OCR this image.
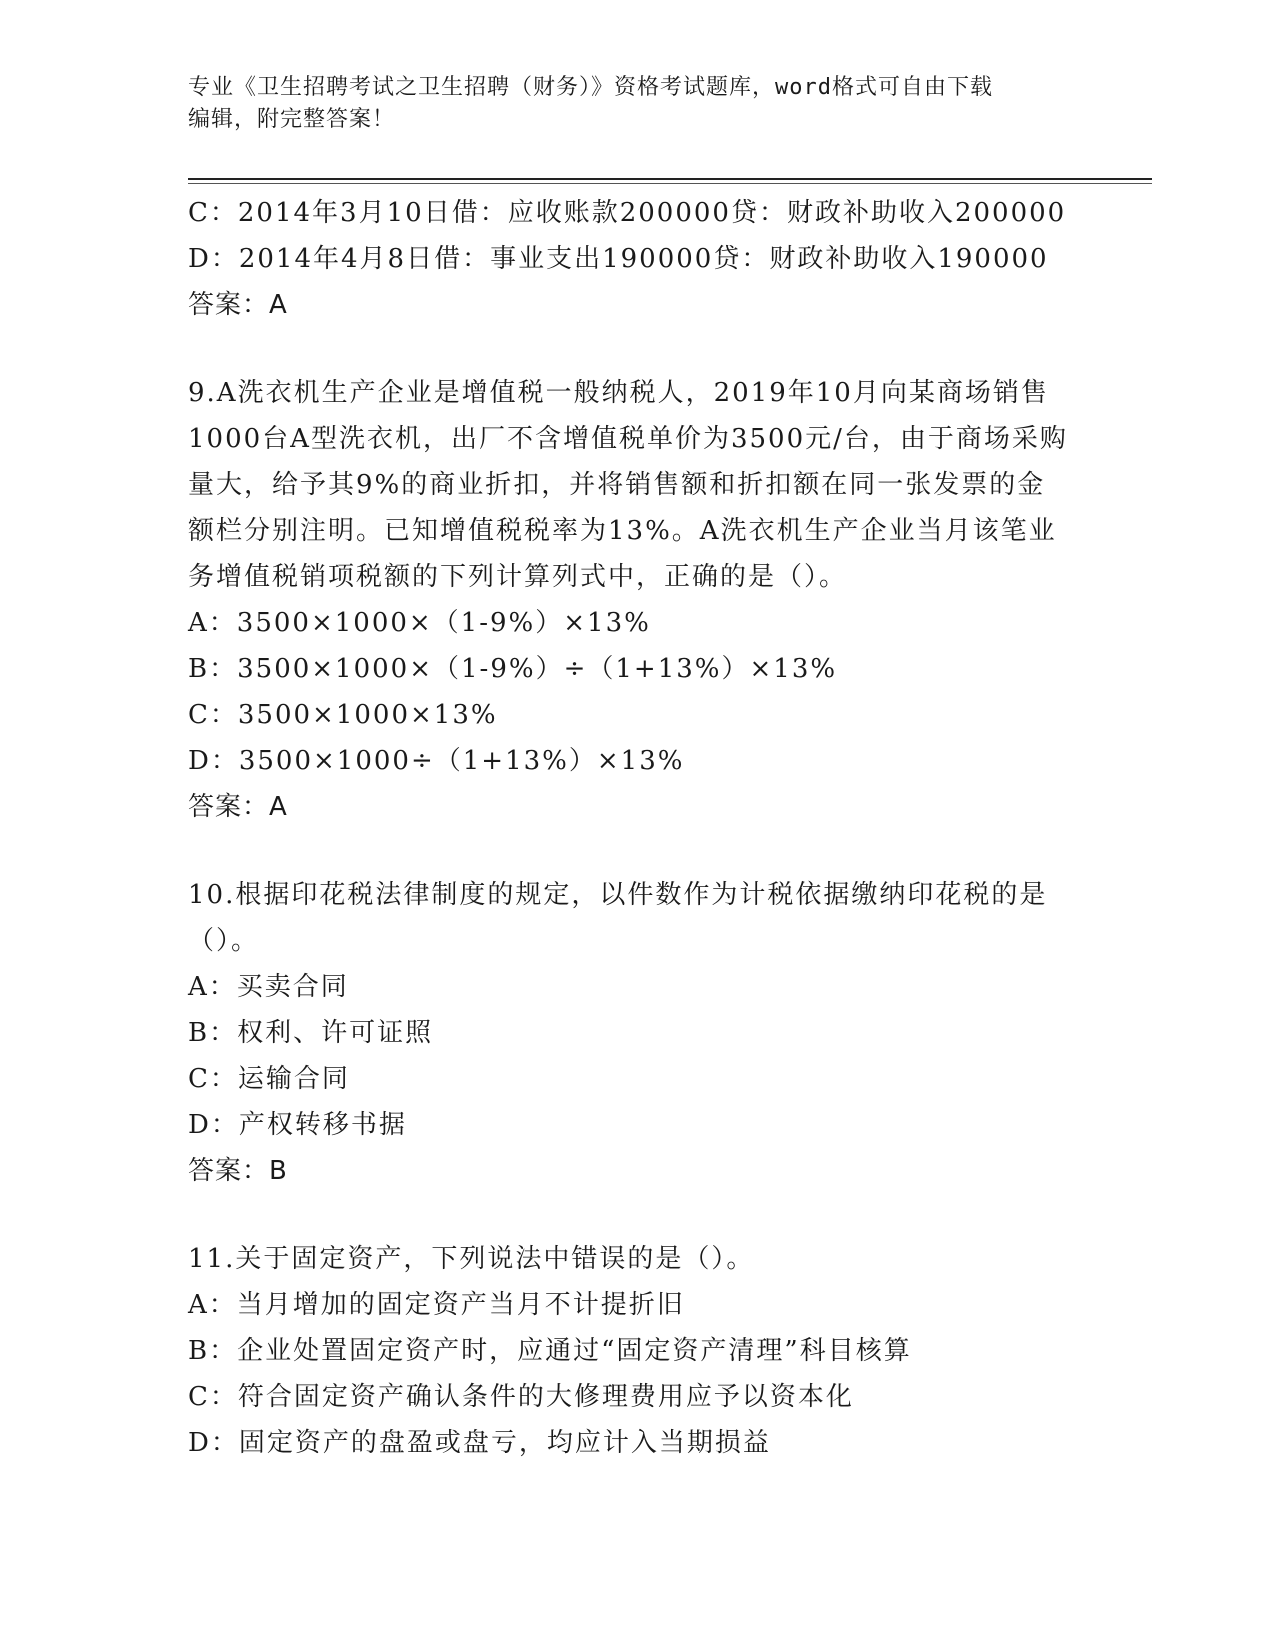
专业《卫生招聘考试之卫生招聘（财务）》资格考试题库，word格式可自由下载
编辑，附完整答案！
C：2014年3月10日借：应收账款200000贷：财政补助收入200000
D：2014年4月8日借：事业支出190000贷：财政补助收入190000
答案：A
9.A洗衣机生产企业是增值税一般纳税人，2019年10月向某商场销售1000台A型洗衣机，出厂不含增值税单价为3500元/台，由于商场采购量大，给予其9%的商业折扣，并将销售额和折扣额在同一张发票的金额栏分别注明。已知增值税税率为13%。A洗衣机生产企业当月该笔业务增值税销项税额的下列计算列式中，正确的是（）。
A：3500×1000×（1-9%）×13%
B：3500×1000×（1-9%）÷（1+13%）×13%
C：3500×1000×13%
D：3500×1000÷（1+13%）×13%
答案：A
10.根据印花税法律制度的规定，以件数作为计税依据缴纳印花税的是（）。
A：买卖合同
B：权利、许可证照
C：运输合同
D：产权转移书据
答案：B
11.关于固定资产，下列说法中错误的是（）。
A：当月增加的固定资产当月不计提折旧
B：企业处置固定资产时，应通过“固定资产清理”科目核算
C：符合固定资产确认条件的大修理费用应予以资本化
D：固定资产的盘盈或盘亏，均应计入当期损益
